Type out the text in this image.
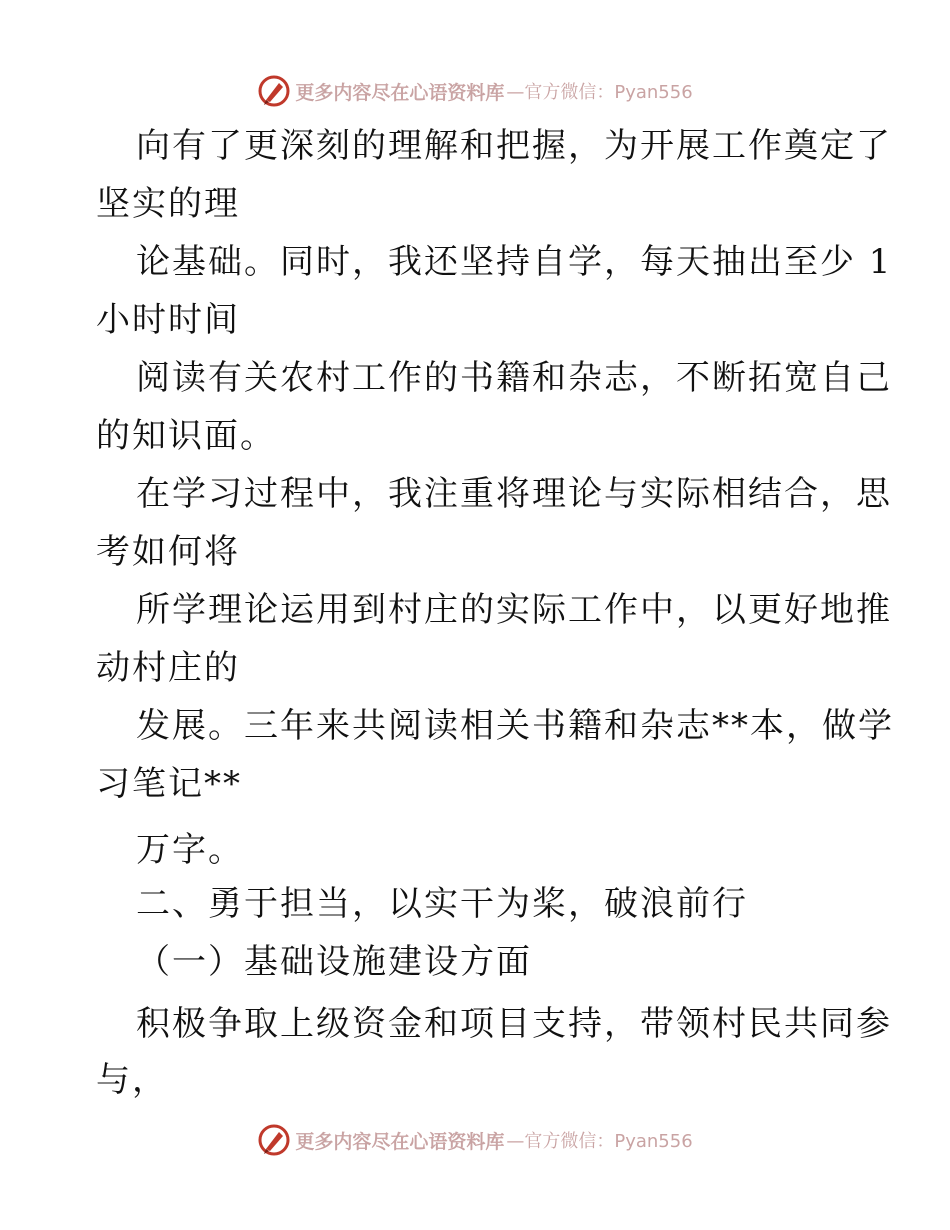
更多内容尽在心语资料库 —官方微信：Pyan556
向有了更深刻的理解和把握，为开展工作奠定了
坚实的理
论基础。同时，我还坚持自学，每天抽出至少 1
小时时间
阅读有关农村工作的书籍和杂志，不断拓宽自己
的知识面。
在学习过程中，我注重将理论与实际相结合，思
考如何将
所学理论运用到村庄的实际工作中，以更好地推
动村庄的
发展。三年来共阅读相关书籍和杂志**本，做学
习笔记**
万字。
二、勇于担当，以实干为桨，破浪前行
（一）基础设施建设方面
积极争取上级资金和项目支持，带领村民共同参
与，
更多内容尽在心语资料库 —官方微信：Pyan556
